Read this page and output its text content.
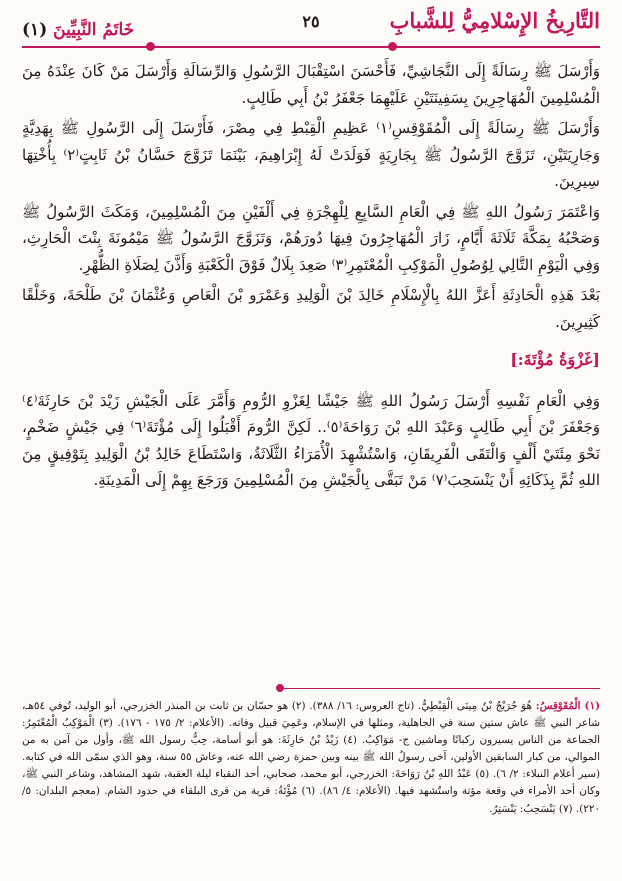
التَّارِيخُ الإِسْلامِيُّ لِلشَّبابِ
٢٥
خَاتَمُ النَّبِيِّينَ (١)

وَأَرْسَلَ ﷺ رِسَالَةً إِلَى النَّجَاشِيِّ، فَأَحْسَنَ اسْتِقْبَالَ الرَّسُولِ وَالرِّسَالَةِ وَأَرْسَلَ مَنْ كَانَ عِنْدَهُ مِنَ الْمُسْلِمِينَ الْمُهَاجِرِينَ بِسَفِينَتَيْنِ عَلَيْهِمَا جَعْفَرُ بْنُ أَبِي طَالِبٍ.

وَأَرْسَلَ ﷺ رِسَالَةً إِلَى الْمُقَوْقِسِ⁽١⁾ عَظِيمِ الْقِبْطِ فِي مِصْرَ، فَأَرْسَلَ إِلَى الرَّسُولِ ﷺ بِهَدِيَّةٍ وَجَارِيَتَيْنِ، تَزَوَّجَ الرَّسُولُ ﷺ بِجَارِيَةٍ فَوَلَدَتْ لَهُ إِبْرَاهِيمَ، بَيْنَمَا تَزَوَّجَ حَسَّانُ بْنُ ثَابِتٍ⁽٢⁾ بِأُخْتِهَا سِيرِينَ.

وَاعْتَمَرَ رَسُولُ اللهِ ﷺ فِي الْعَامِ السَّابِعِ لِلْهِجْرَةِ فِي أَلْفَيْنِ مِنَ الْمُسْلِمِينَ، وَمَكَثَ الرَّسُولُ ﷺ وَصَحْبُهُ بِمَكَّةَ ثَلَاثَةَ أَيَّامٍ، زَارَ الْمُهَاجِرُونَ فِيهَا دُورَهُمْ، وَتَزَوَّجَ الرَّسُولُ ﷺ مَيْمُونَةَ بِنْتَ الْحَارِثِ، وَفِي الْيَوْمِ التَّالِي لِوُصُولِ الْمَوْكِبِ الْمُعْتَمِرِ⁽٣⁾ صَعِدَ بِلَالٌ فَوْقَ الْكَعْبَةِ وَأَذَّنَ لِصَلَاةِ الظُّهْرِ.

بَعْدَ هَذِهِ الْحَادِثَةِ أَعَزَّ اللهُ بِالْإِسْلَامِ خَالِدَ بْنَ الْوَلِيدِ وَعَمْرَو بْنَ الْعَاصِ وَعُثْمَانَ بْنَ طَلْحَةَ، وَخَلْقًا كَثِيرِينَ.

[غَزْوَةُ مُؤْتَةَ:]

وَفِي الْعَامِ نَفْسِهِ أَرْسَلَ رَسُولُ اللهِ ﷺ جَيْشًا لِغَزْوِ الرُّومِ وَأَمَّرَ عَلَى الْجَيْشِ زَيْدَ بْنَ حَارِثَةَ⁽٤⁾ وَجَعْفَرَ بْنَ أَبِي طَالِبٍ وَعَبْدَ اللهِ بْنَ رَوَاحَةَ⁽٥⁾.. لَكِنَّ الرُّومَ أَقْبَلُوا إِلَى مُؤْتَةَ⁽٦⁾ فِي جَيْشٍ ضَخْمٍ، نَحْوَ مِئَتَيْ أَلْفٍ وَالْتَقَى الْفَرِيقَانِ، وَاسْتُشْهِدَ الْأُمَرَاءُ الثَّلَاثَةُ، وَاسْتَطَاعَ خَالِدُ بْنُ الْوَلِيدِ بِتَوْفِيقٍ مِنَ اللهِ ثُمَّ بِذَكَائِهِ أَنْ يَنْسَحِبَ⁽٧⁾ مَنْ تَبَقَّى بِالْجَيْشِ مِنَ الْمُسْلِمِينَ وَرَجَعَ بِهِمْ إِلَى الْمَدِينَةِ.

(١) الْمُقَوْقِسُ: هُوَ جُرَيْجُ بْنُ مِينَى الْقِبْطِيُّ. (تاج العروس: ١٦/ ٣٨٨). (٢) هو حسّان بن ثابت بن المنذر الخزرجي، أبو الوليد، تُوفي ٥٤هـ، شاعر النبي ﷺ عاش ستين سنة في الجاهلية، ومثلها في الإسلام، وعَمِيَ قبيل وفاته. (الأعلام: ٢/ ١٧٥ - ١٧٦). (٣) الْمَوْكِبُ الْمُعْتَمِرُ: الجماعة من الناس يسيرون ركبانًا وماشين ج- مَوَاكِبُ. (٤) زَيْدُ بْنُ حَارِثَةَ: هو أبو أسامة، حِبُّ رسول الله ﷺ، وأول من آمن به من الموالي، من كبار السابقين الأولين، آخى رسولُ الله ﷺ بينه وبين حمزة رضي الله عنه، وعاش ٥٥ سنة، وهو الذي سمّى الله في كتابه. (سير أعلام النبلاء: ٢/ ٦). (٥) عَبْدُ اللهِ بْنُ رَوَاحَةَ: الخزرجي، أبو محمد، صحابي، أحد النقباء ليلة العقبة، شهد المشاهد، وشاعر النبي ﷺ، وكان أحد الأمراء في وقعة مؤتة واستُشهد فيها. (الأعلام: ٤/ ٨٦). (٦) مُؤْتَةُ: قرية من قرى البلقاء في حدود الشام. (معجم البلدان: ٥/ ٢٢٠). (٧) يَنْسَحِبُ: يَنْسَتِرُ.
